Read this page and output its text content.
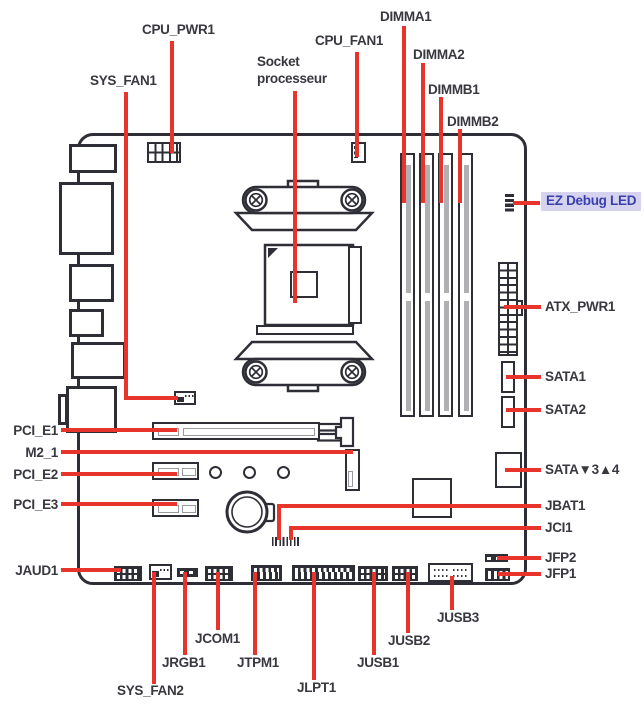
CPU_PWR1
SYS_FAN1
Socket
processeur
CPU_FAN1
DIMMA1
DIMMA2
DIMMB1
DIMMB2
EZ Debug LED
ATX_PWR1
SATA1
SATA2
SATA▼3▲4
JBAT1
JCI1
JFP2
JFP1
PCI_E1
M2_1
PCI_E2
PCI_E3
JAUD1
JUSB3
JUSB2
JCOM1
JUSB1
JRGB1 JTPM1
JLPT1
SYS_FAN2
